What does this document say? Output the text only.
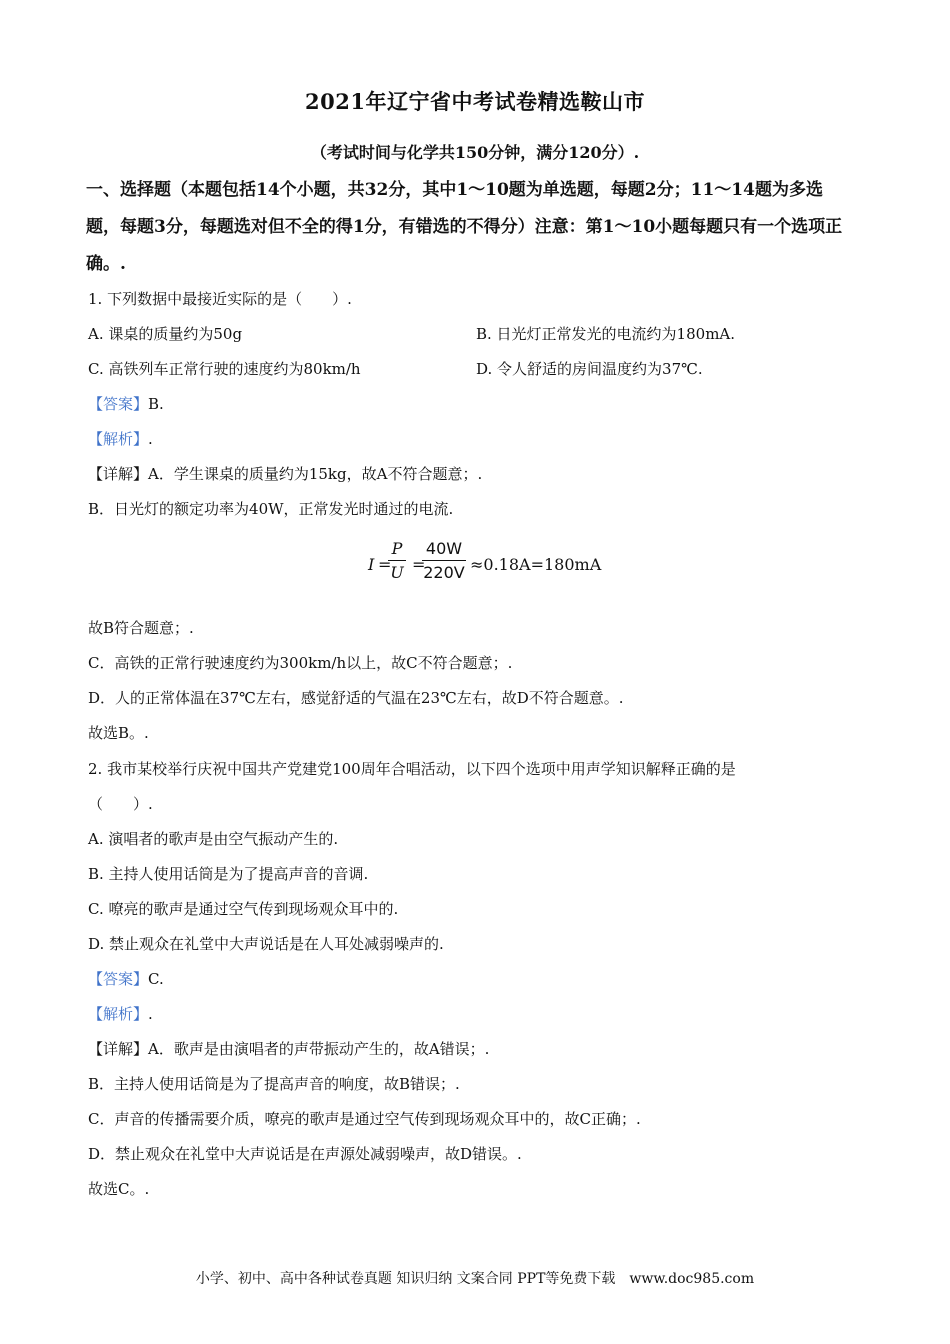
2021年辽宁省中考试卷精选鞍山市
（考试时间与化学共150分钟，满分120分）.
一、选择题（本题包括14个小题，共32分，其中1～10题为单选题，每题2分；11～14题为多选题，每题3分，每题选对但不全的得1分，有错选的不得分）注意：第1～10小题每题只有一个选项正确。.
1. 下列数据中最接近实际的是（　　）.
A. 课桌的质量约为50g	B. 日光灯正常发光的电流约为180mA.
C. 高铁列车正常行驶的速度约为80km/h	D. 令人舒适的房间温度约为37℃.
【答案】B.
【解析】.
【详解】A．学生课桌的质量约为15kg，故A不符合题意；.
B．日光灯的额定功率为40W，正常发光时通过的电流.
I =
P
U =
40W
220V ≈0.18A=180mA
故B符合题意；.
C．高铁的正常行驶速度约为300km/h以上，故C不符合题意；.
D．人的正常体温在37℃左右，感觉舒适的气温在23℃左右，故D不符合题意。.
故选B。.
2. 我市某校举行庆祝中国共产党建党100周年合唱活动，以下四个选项中用声学知识解释正确的是
（　　）.
A. 演唱者的歌声是由空气振动产生的.
B. 主持人使用话筒是为了提高声音的音调.
C. 嘹亮的歌声是通过空气传到现场观众耳中的.
D. 禁止观众在礼堂中大声说话是在人耳处减弱噪声的.
【答案】C.
【解析】.
【详解】A．歌声是由演唱者的声带振动产生的，故A错误；.
B．主持人使用话筒是为了提高声音的响度，故B错误；.
C．声音的传播需要介质，嘹亮的歌声是通过空气传到现场观众耳中的，故C正确；.
D．禁止观众在礼堂中大声说话是在声源处减弱噪声，故D错误。.
故选C。.
小学、初中、高中各种试卷真题 知识归纳 文案合同 PPT等免费下载　www.doc985.com
